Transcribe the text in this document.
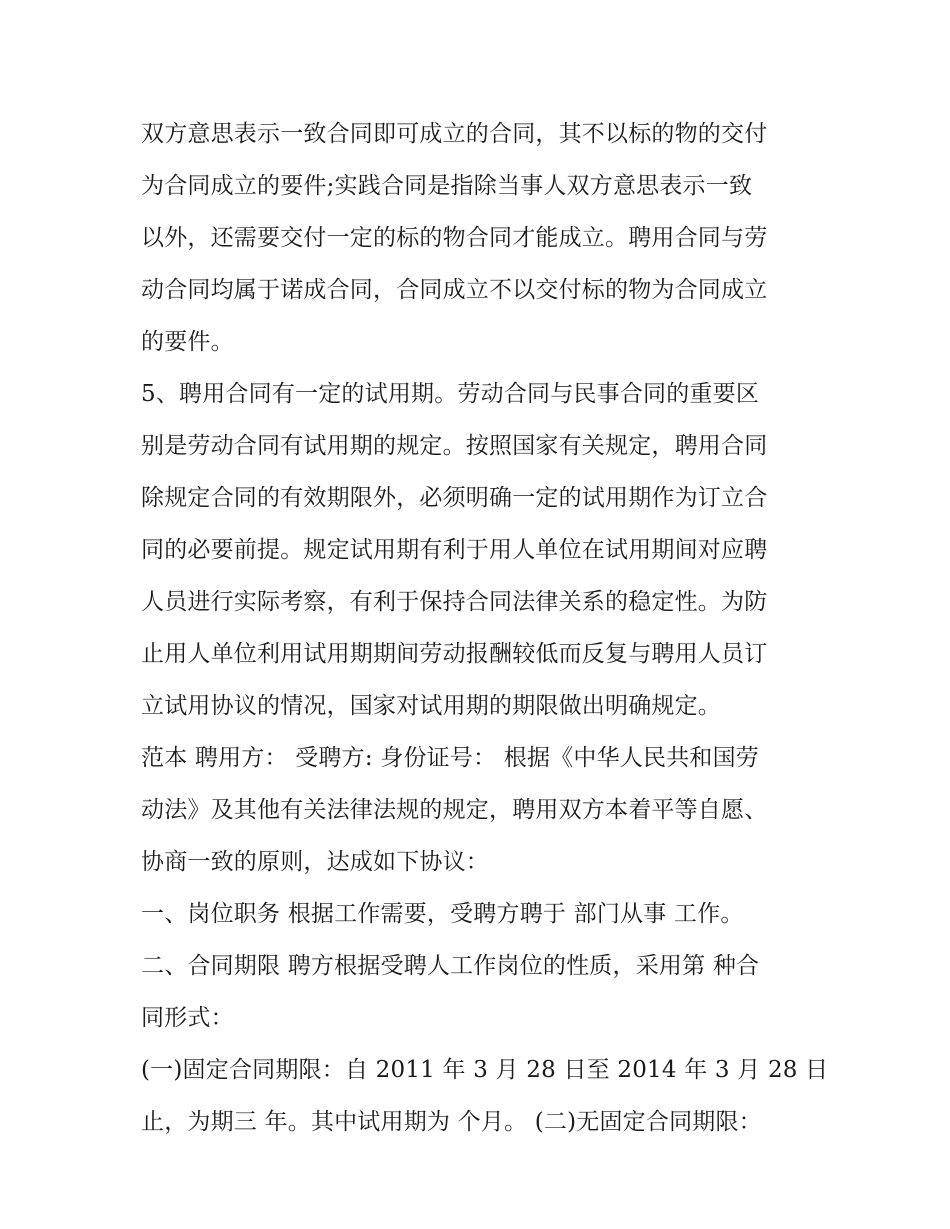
双方意思表示一致合同即可成立的合同，其不以标的物的交付
为合同成立的要件;实践合同是指除当事人双方意思表示一致
以外，还需要交付一定的标的物合同才能成立。聘用合同与劳
动合同均属于诺成合同，合同成立不以交付标的物为合同成立
的要件。
5、聘用合同有一定的试用期。劳动合同与民事合同的重要区
别是劳动合同有试用期的规定。按照国家有关规定，聘用合同
除规定合同的有效期限外，必须明确一定的试用期作为订立合
同的必要前提。规定试用期有利于用人单位在试用期间对应聘
人员进行实际考察，有利于保持合同法律关系的稳定性。为防
止用人单位利用试用期期间劳动报酬较低而反复与聘用人员订
立试用协议的情况，国家对试用期的期限做出明确规定。
范本 聘用方： 受聘方: 身份证号： 根据《中华人民共和国劳
动法》及其他有关法律法规的规定，聘用双方本着平等自愿、
协商一致的原则，达成如下协议：
一、岗位职务 根据工作需要，受聘方聘于 部门从事 工作。
二、合同期限 聘方根据受聘人工作岗位的性质，采用第 种合
同形式：
(一)固定合同期限：自 2011 年 3 月 28 日至 2014 年 3 月 28 日
止，为期三 年。其中试用期为 个月。 (二)无固定合同期限：
